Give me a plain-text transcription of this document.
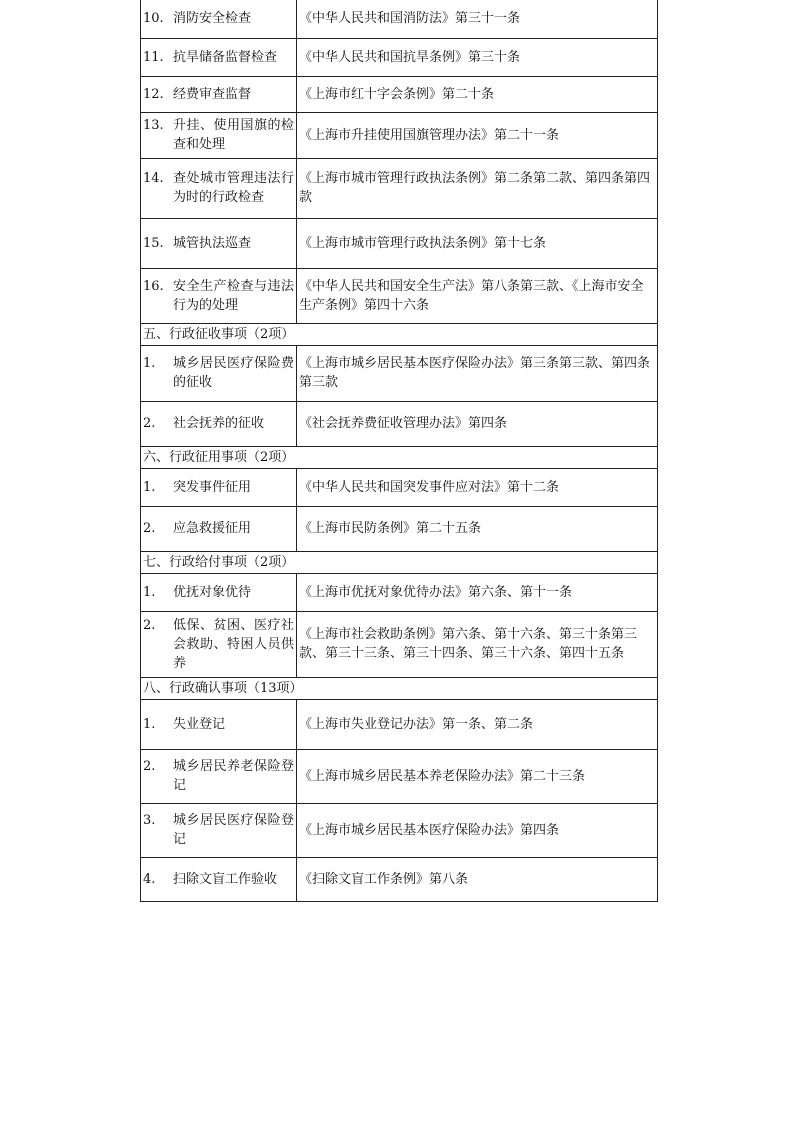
10. 消防安全检查	《中华人民共和国消防法》第三十一条

11. 抗旱储备监督检查	《中华人民共和国抗旱条例》第三十条

12. 经费审查监督	《上海市红十字会条例》第二十条

13. 升挂、使用国旗的检查和处理	《上海市升挂使用国旗管理办法》第二十一条

14. 查处城市管理违法行为时的行政检查	《上海市城市管理行政执法条例》第二条第二款、第四条第四款

15. 城管执法巡查	《上海市城市管理行政执法条例》第十七条

16. 安全生产检查与违法行为的处理	《中华人民共和国安全生产法》第八条第三款、《上海市安全生产条例》第四十六条
五、行政征收事项（2项）	

1. 城乡居民医疗保险费的征收	《上海市城乡居民基本医疗保险办法》第三条第三款、第四条第三款

2. 社会抚养的征收	《社会抚养费征收管理办法》第四条
六、行政征用事项（2项）	

1. 突发事件征用	《中华人民共和国突发事件应对法》第十二条

2. 应急救援征用	《上海市民防条例》第二十五条
七、行政给付事项（2项）	

1. 优抚对象优待	《上海市优抚对象优待办法》第六条、第十一条

2. 低保、贫困、医疗社会救助、特困人员供养	《上海市社会救助条例》第六条、第十六条、第三十条第三款、第三十三条、第三十四条、第三十六条、第四十五条
八、行政确认事项（13项）	

1. 失业登记	《上海市失业登记办法》第一条、第二条

2. 城乡居民养老保险登记	《上海市城乡居民基本养老保险办法》第二十三条

3. 城乡居民医疗保险登记	《上海市城乡居民基本医疗保险办法》第四条

4. 扫除文盲工作验收	《扫除文盲工作条例》第八条
